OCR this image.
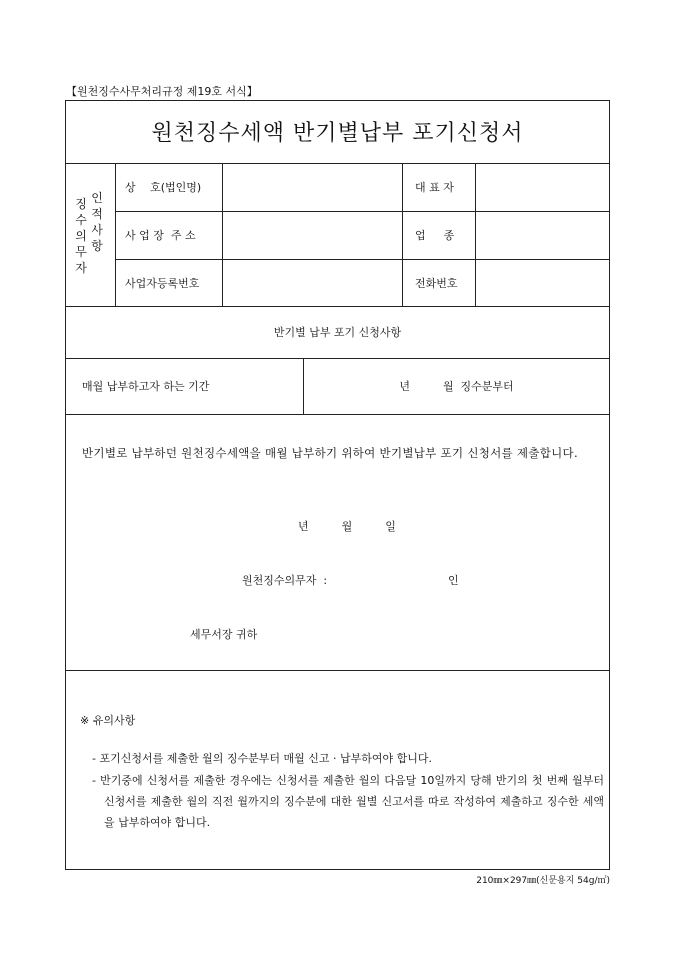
【원천징수사무처리규정 제19호 서식】
원천징수세액 반기별납부 포기신청서
징
수
의
무
자
인
적
사
항
상　 호(법인명)	대 표 자
사 업 장  주 소	업　  종
사업자등록번호	전화번호
반기별 납부 포기 신청사항
매월 납부하고자 하는 기간	년　　　월  징수분부터
반기별로 납부하던 원천징수세액을 매월 납부하기 위하여 반기별납부 포기 신청서를 제출합니다.
년　　　월　　　일
원천징수의무자  :	인
세무서장 귀하
※ 유의사항
- 포기신청서를 제출한 월의 징수분부터 매월 신고 · 납부하여야 합니다.
- 반기중에 신청서를 제출한 경우에는 신청서를 제출한 월의 다음달 10일까지 당해 반기의 첫 번째 월부터 신청서를 제출한 월의 직전 월까지의 징수분에 대한 월별 신고서를 따로 작성하여 제출하고 징수한 세액을 납부하여야 합니다.
210㎜×297㎜(신문용지 54g/㎡)
